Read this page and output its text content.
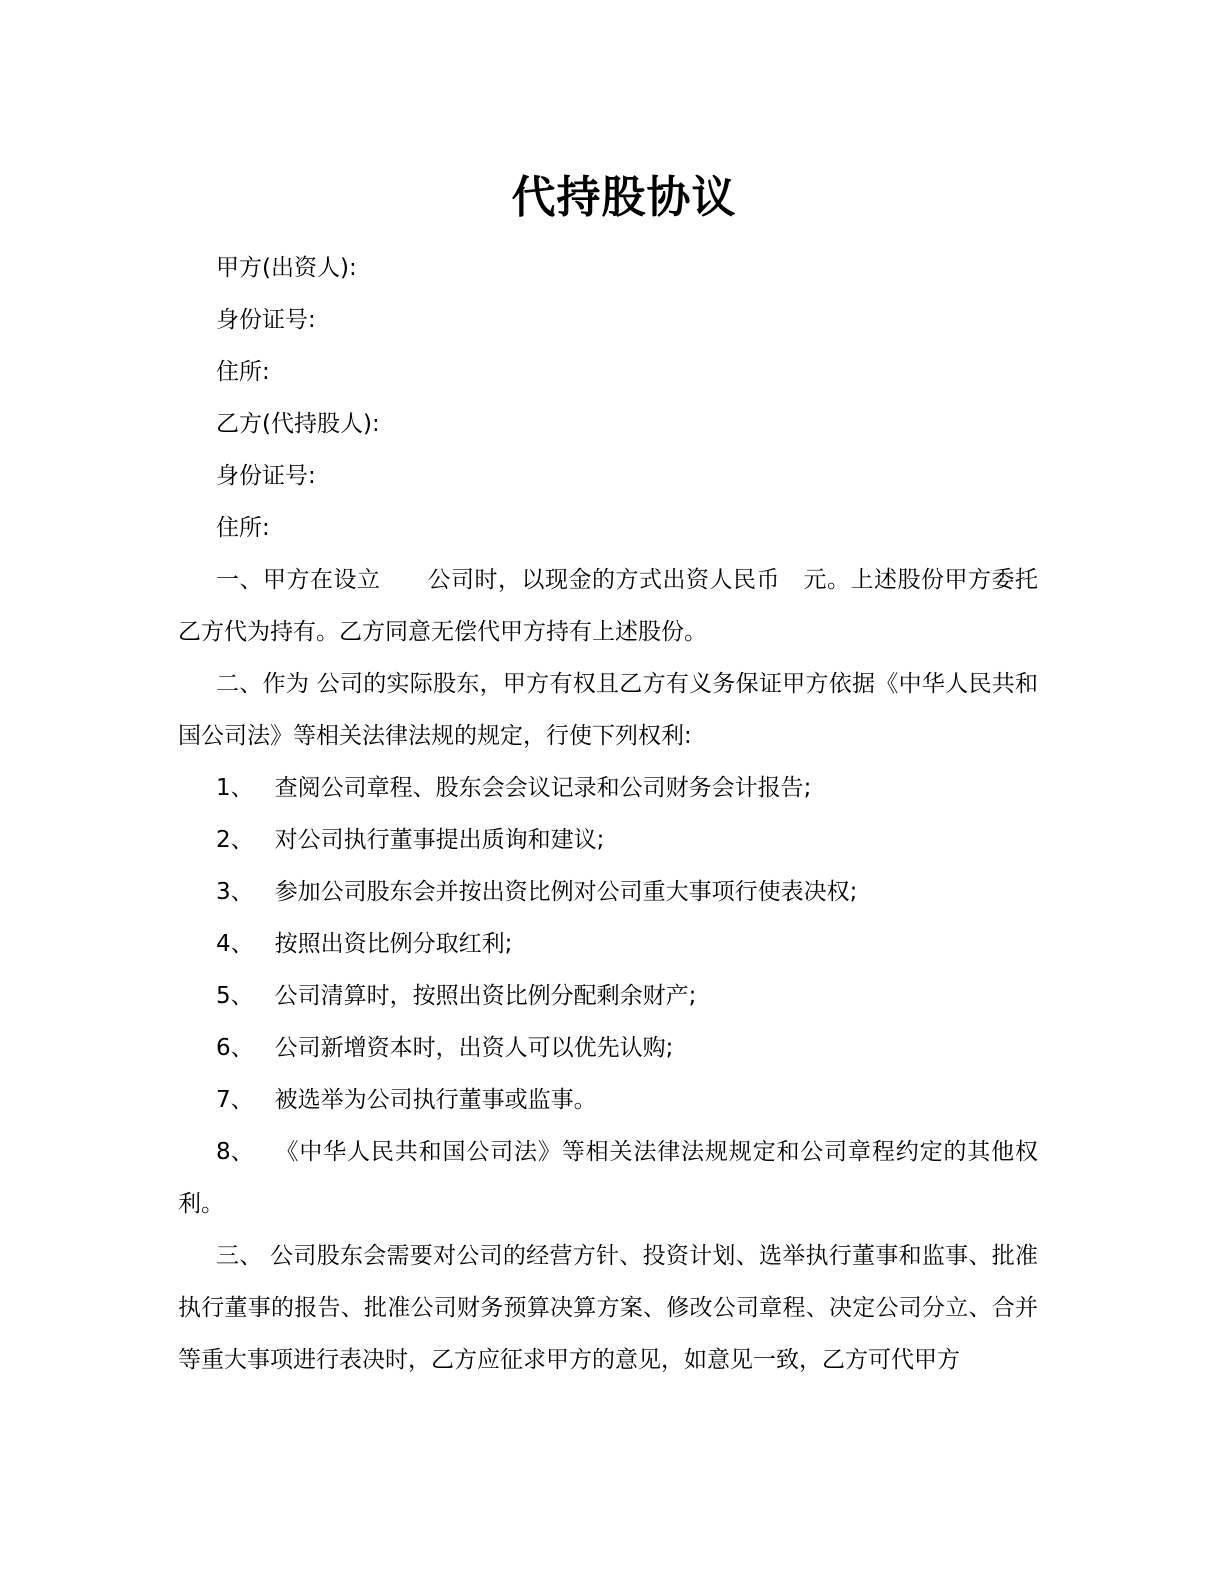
代持股协议

甲方(出资人):

身份证号:

住所:

乙方(代持股人):

身份证号:

住所:

一、甲方在设立　　公司时，以现金的方式出资人民币　元。上述股份甲方委托乙方代为持有。乙方同意无偿代甲方持有上述股份。

二、作为 公司的实际股东，甲方有权且乙方有义务保证甲方依据《中华人民共和国公司法》等相关法律法规的规定，行使下列权利:

1、 查阅公司章程、股东会会议记录和公司财务会计报告;

2、 对公司执行董事提出质询和建议;

3、 参加公司股东会并按出资比例对公司重大事项行使表决权;

4、 按照出资比例分取红利;

5、 公司清算时，按照出资比例分配剩余财产;

6、 公司新增资本时，出资人可以优先认购;

7、 被选举为公司执行董事或监事。

8、 《中华人民共和国公司法》等相关法律法规规定和公司章程约定的其他权利。

三、 公司股东会需要对公司的经营方针、投资计划、选举执行董事和监事、批准执行董事的报告、批准公司财务预算决算方案、修改公司章程、决定公司分立、合并等重大事项进行表决时，乙方应征求甲方的意见，如意见一致，乙方可代甲方
